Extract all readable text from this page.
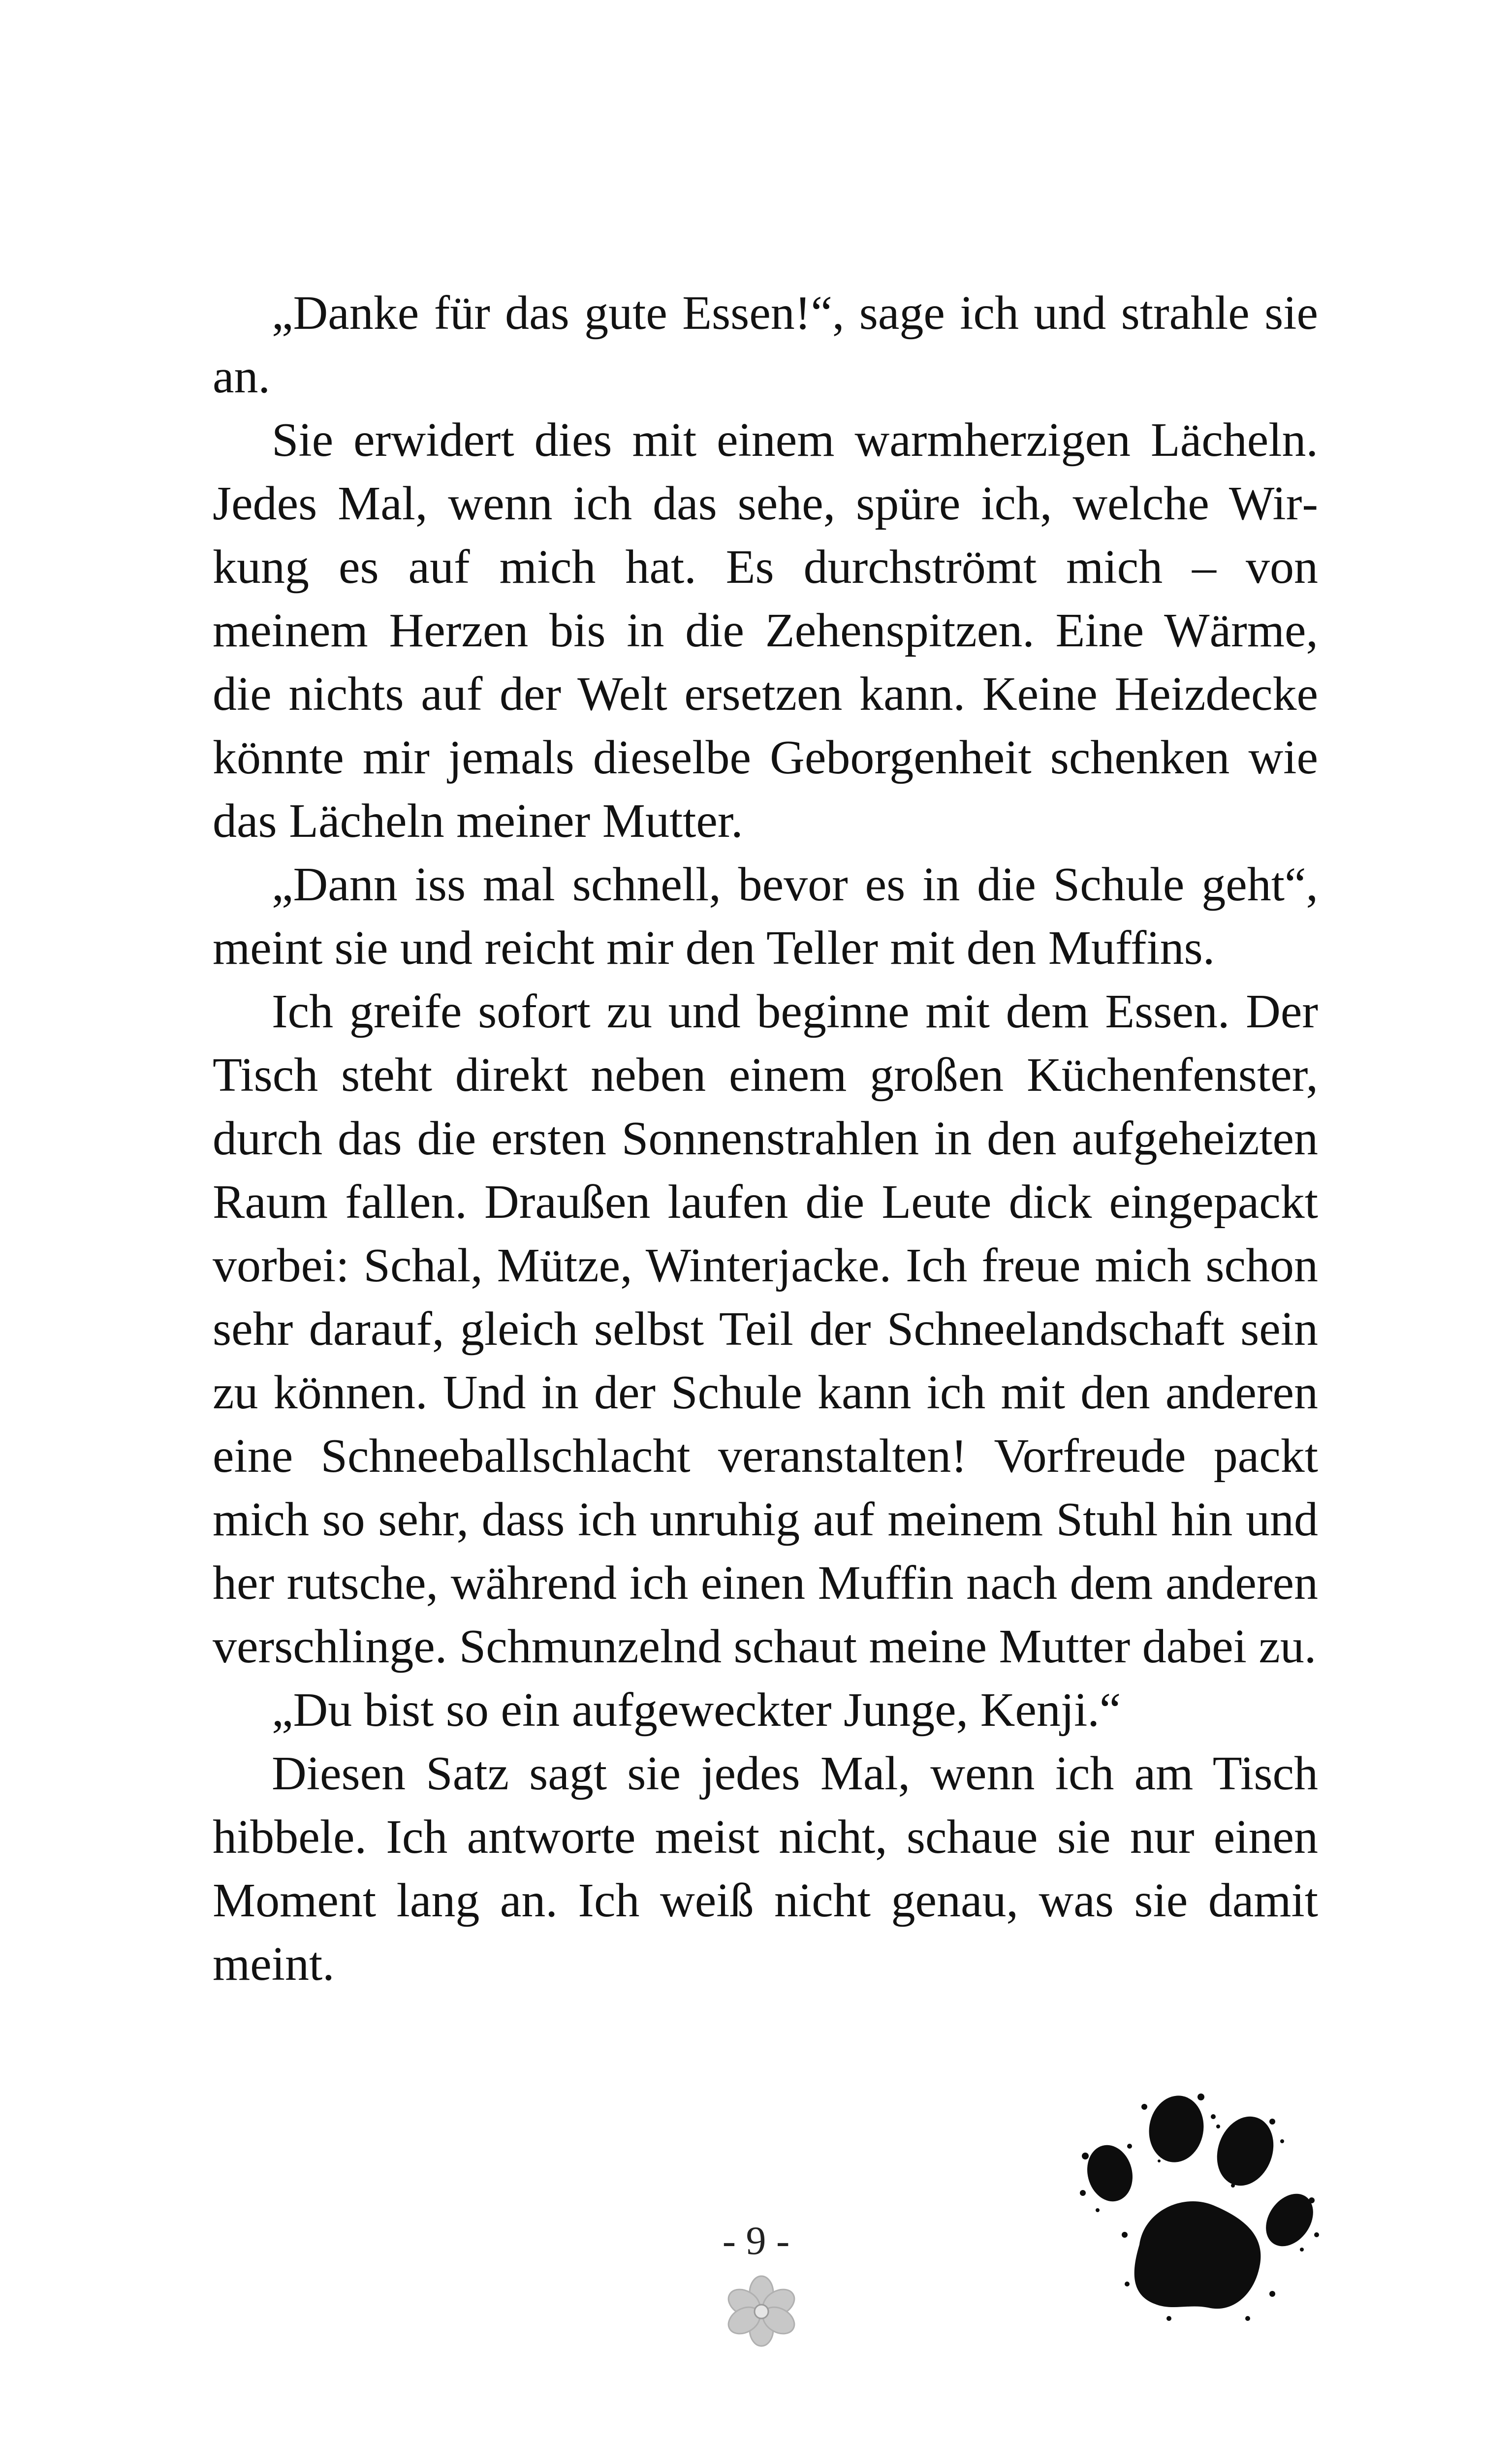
„Danke für das gute Essen!“, sage ich und strahle sie an.

Sie erwidert dies mit einem warmherzigen Lächeln. Jedes Mal, wenn ich das sehe, spüre ich, welche Wirkung es auf mich hat. Es durchströmt mich – von meinem Herzen bis in die Zehenspitzen. Eine Wärme, die nichts auf der Welt ersetzen kann. Keine Heizdecke könnte mir jemals dieselbe Geborgenheit schenken wie das Lächeln meiner Mutter.

„Dann iss mal schnell, bevor es in die Schule geht“, meint sie und reicht mir den Teller mit den Muffins.

Ich greife sofort zu und beginne mit dem Essen. Der Tisch steht direkt neben einem großen Küchenfenster, durch das die ersten Sonnenstrahlen in den aufgeheizten Raum fallen. Draußen laufen die Leute dick eingepackt vorbei: Schal, Mütze, Winterjacke. Ich freue mich schon sehr darauf, gleich selbst Teil der Schneelandschaft sein zu können. Und in der Schule kann ich mit den anderen eine Schneeballschlacht veranstalten! Vorfreude packt mich so sehr, dass ich unruhig auf meinem Stuhl hin und her rutsche, während ich einen Muffin nach dem anderen verschlinge. Schmunzelnd schaut meine Mutter dabei zu.

„Du bist so ein aufgeweckter Junge, Kenji.“

Diesen Satz sagt sie jedes Mal, wenn ich am Tisch hibbele. Ich antworte meist nicht, schaue sie nur einen Moment lang an. Ich weiß nicht genau, was sie damit meint.

- 9 -
